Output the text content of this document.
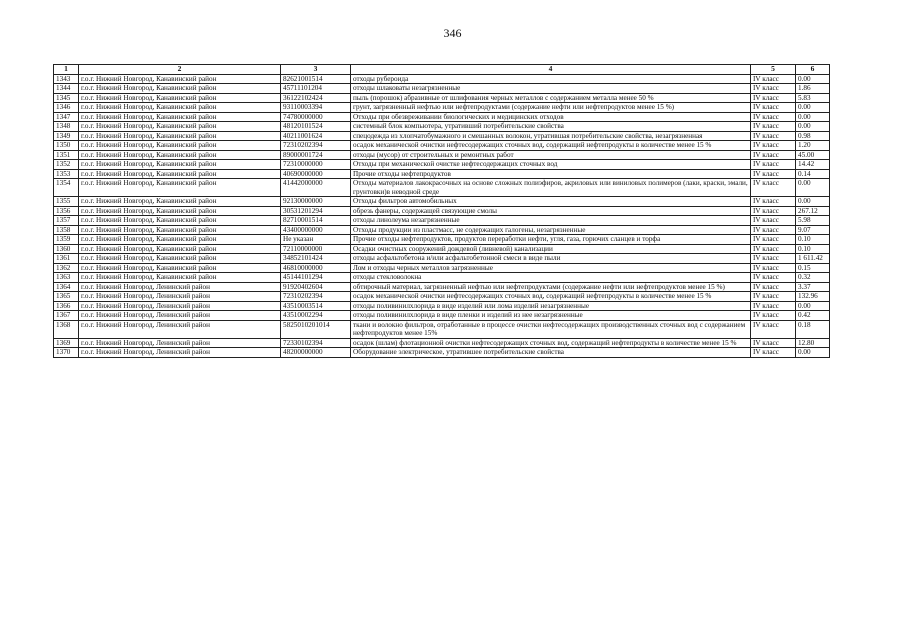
346
1	2	3	4	5	6
1343	г.о.г. Нижний Новгород, Канавинский район	82621001514	отходы рубероида	IV класс	0.00
1344	г.о.г. Нижний Новгород, Канавинский район	45711101204	отходы шлаковаты незагрязненные	IV класс	1.86
1345	г.о.г. Нижний Новгород, Канавинский район	36122102424	пыль (порошок) абразивные от шлифования черных металлов с содержанием металла менее 50 %	IV класс	5.83
1346	г.о.г. Нижний Новгород, Канавинский район	93110003394	грунт, загрязненный нефтью или нефтепродуктами (содержание нефти или нефтепродуктов менее 15 %)	IV класс	0.00
1347	г.о.г. Нижний Новгород, Канавинский район	74780000000	Отходы при обезвреживании биологических и медицинских отходов	IV класс	0.00
1348	г.о.г. Нижний Новгород, Канавинский район	48120101524	системный блок компьютера, утративший потребительские свойства	IV класс	0.00
1349	г.о.г. Нижний Новгород, Канавинский район	40211001624	спецодежда из хлопчатобумажного и смешанных волокон, утратившая потребительские свойства, незагрязненная	IV класс	0.98
1350	г.о.г. Нижний Новгород, Канавинский район	72310202394	осадок механической очистки нефтесодержащих сточных вод, содержащий нефтепродукты в количестве менее 15 %	IV класс	1.20
1351	г.о.г. Нижний Новгород, Канавинский район	89000001724	отходы (мусор) от строительных и ремонтных работ	IV класс	45.00
1352	г.о.г. Нижний Новгород, Канавинский район	72310000000	Отходы при механической очистке нефтесодержащих сточных вод	IV класс	14.42
1353	г.о.г. Нижний Новгород, Канавинский район	40690000000	Прочие отходы нефтепродуктов	IV класс	0.14
1354	г.о.г. Нижний Новгород, Канавинский район	41442000000	Отходы материалов лакокрасочных на основе сложных полиэфиров, акриловых или виниловых полимеров (лаки, краски, эмали, грунтовки)в неводной среде	IV класс	0.00
1355	г.о.г. Нижний Новгород, Канавинский район	92130000000	Отходы фильтров автомобильных	IV класс	0.00
1356	г.о.г. Нижний Новгород, Канавинский район	30531201294	обрезь фанеры, содержащей связующие смолы	IV класс	267.12
1357	г.о.г. Нижний Новгород, Канавинский район	82710001514	отходы линолеума незагрязненные	IV класс	5.98
1358	г.о.г. Нижний Новгород, Канавинский район	43400000000	Отходы продукции из пластмасс, не содержащих галогены, незагрязненные	IV класс	9.07
1359	г.о.г. Нижний Новгород, Канавинский район	Не указан	Прочие отходы нефтепродуктов, продуктов переработки нефти, угля, газа, горючих сланцев и торфа	IV класс	0.10
1360	г.о.г. Нижний Новгород, Канавинский район	72110000000	Осадки очистных сооружений дождевой (ливневой) канализации	IV класс	0.10
1361	г.о.г. Нижний Новгород, Канавинский район	34852101424	отходы асфальтобетона и/или асфальтобетонной смеси в виде пыли	IV класс	1 611.42
1362	г.о.г. Нижний Новгород, Канавинский район	46810000000	Лом и отходы черных металлов загрязненные	IV класс	0.15
1363	г.о.г. Нижний Новгород, Канавинский район	45144101294	отходы стекловолокна	IV класс	0.32
1364	г.о.г. Нижний Новгород, Ленинский район	91920402604	обтирочный материал, загрязненный нефтью или нефтепродуктами (содержание нефти или нефтепродуктов менее 15 %)	IV класс	3.37
1365	г.о.г. Нижний Новгород, Ленинский район	72310202394	осадок механической очистки нефтесодержащих сточных вод, содержащий нефтепродукты в количестве менее 15 %	IV класс	132.96
1366	г.о.г. Нижний Новгород, Ленинский район	43510003514	отходы поливинилхлорида в виде изделий или лома изделий незагрязненные	IV класс	0.00
1367	г.о.г. Нижний Новгород, Ленинский район	43510002294	отходы поливинилхлорида в виде пленки и изделий из нее незагрязненные	IV класс	0.42
1368	г.о.г. Нижний Новгород, Ленинский район	5825010201014	ткани и волокно фильтров, отработанные в процессе очистки нефтесодержащих производственных сточных вод с содержанием нефтепродуктов менее 15%	IV класс	0.18
1369	г.о.г. Нижний Новгород, Ленинский район	72330102394	осадок (шлам) флотационной очистки нефтесодержащих сточных вод, содержащий нефтепродукты в количестве менее 15 %	IV класс	12.80
1370	г.о.г. Нижний Новгород, Ленинский район	48200000000	Оборудование электрическое, утратившее потребительские свойства	IV класс	0.00
